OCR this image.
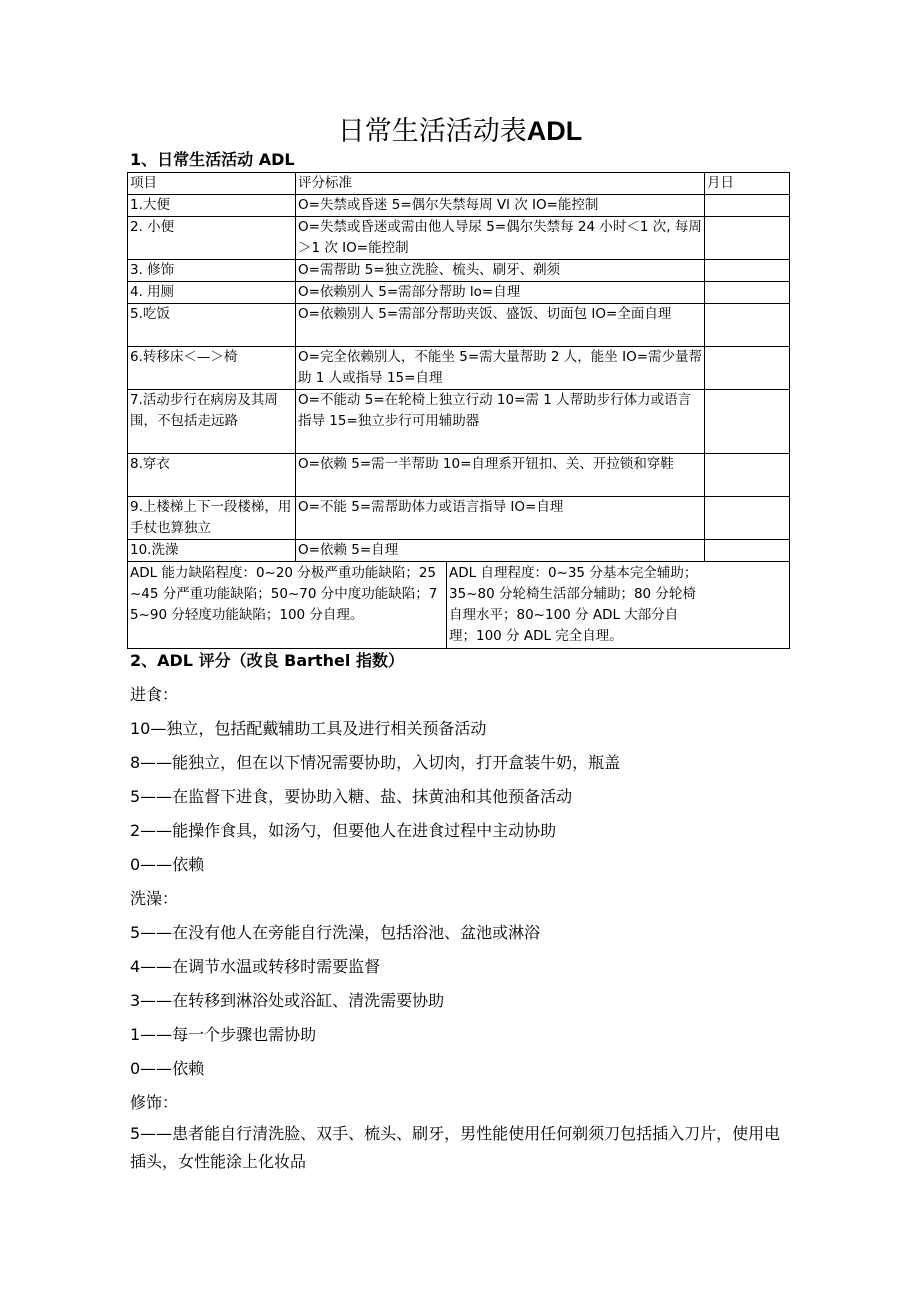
日常生活活动表ADL
1、日常生活活动 ADL
项目	评分标准	月日
1.大便	O=失禁或昏迷 5=偶尔失禁每周 Vl 次 IO=能控制	
2. 小便	O=失禁或昏迷或需由他人导尿 5=偶尔失禁每 24 小时＜1 次, 每周＞1 次 IO=能控制	
3. 修饰	O=需帮助 5=独立洗脸、梳头、刷牙、剃须	
4. 用厕	O=依赖别人 5=需部分帮助 lo=自理	
5.吃饭	O=依赖别人 5=需部分帮助夹饭、盛饭、切面包 IO=全面自理	
6.转移床＜—＞椅	O=完全依赖别人，不能坐 5=需大量帮助 2 人，能坐 IO=需少量帮助 1 人或指导 15=自理	
7.活动步行在病房及其周围，不包括走远路	O=不能动 5=在轮椅上独立行动 10=需 1 人帮助步行体力或语言指导 15=独立步行可用辅助器	
8.穿衣	O=依赖 5=需一半帮助 10=自理系开钮扣、关、开拉锁和穿鞋	
9.上楼梯上下一段楼梯，用手杖也算独立	O=不能 5=需帮助体力或语言指导 IO=自理	
10.洗澡	O=依赖 5=自理	

ADL 能力缺陷程度：0~20 分极严重功能缺陷；25~45 分严重功能缺陷；50~70 分中度功能缺陷；75~90 分轻度功能缺陷；100 分自理。
ADL 自理程度：0~35 分基本完全辅助；35~80 分轮椅生活部分辅助；80 分轮椅自理水平；80~100 分 ADL 大部分自理；100 分 ADL 完全自理。		

2、ADL 评分（改良 Barthel 指数）
进食：
10—独立，包括配戴辅助工具及进行相关预备活动
8——能独立，但在以下情况需要协助，入切肉，打开盒装牛奶，瓶盖
5——在监督下进食，要协助入糖、盐、抹黄油和其他预备活动
2——能操作食具，如汤勺，但要他人在进食过程中主动协助
0——依赖
洗澡：
5——在没有他人在旁能自行洗澡，包括浴池、盆池或淋浴
4——在调节水温或转移时需要监督
3——在转移到淋浴处或浴缸、清洗需要协助
1——每一个步骤也需协助
0——依赖
修饰：
5——患者能自行清洗脸、双手、梳头、刷牙，男性能使用任何剃须刀包括插入刀片，使用电插头，女性能涂上化妆品
